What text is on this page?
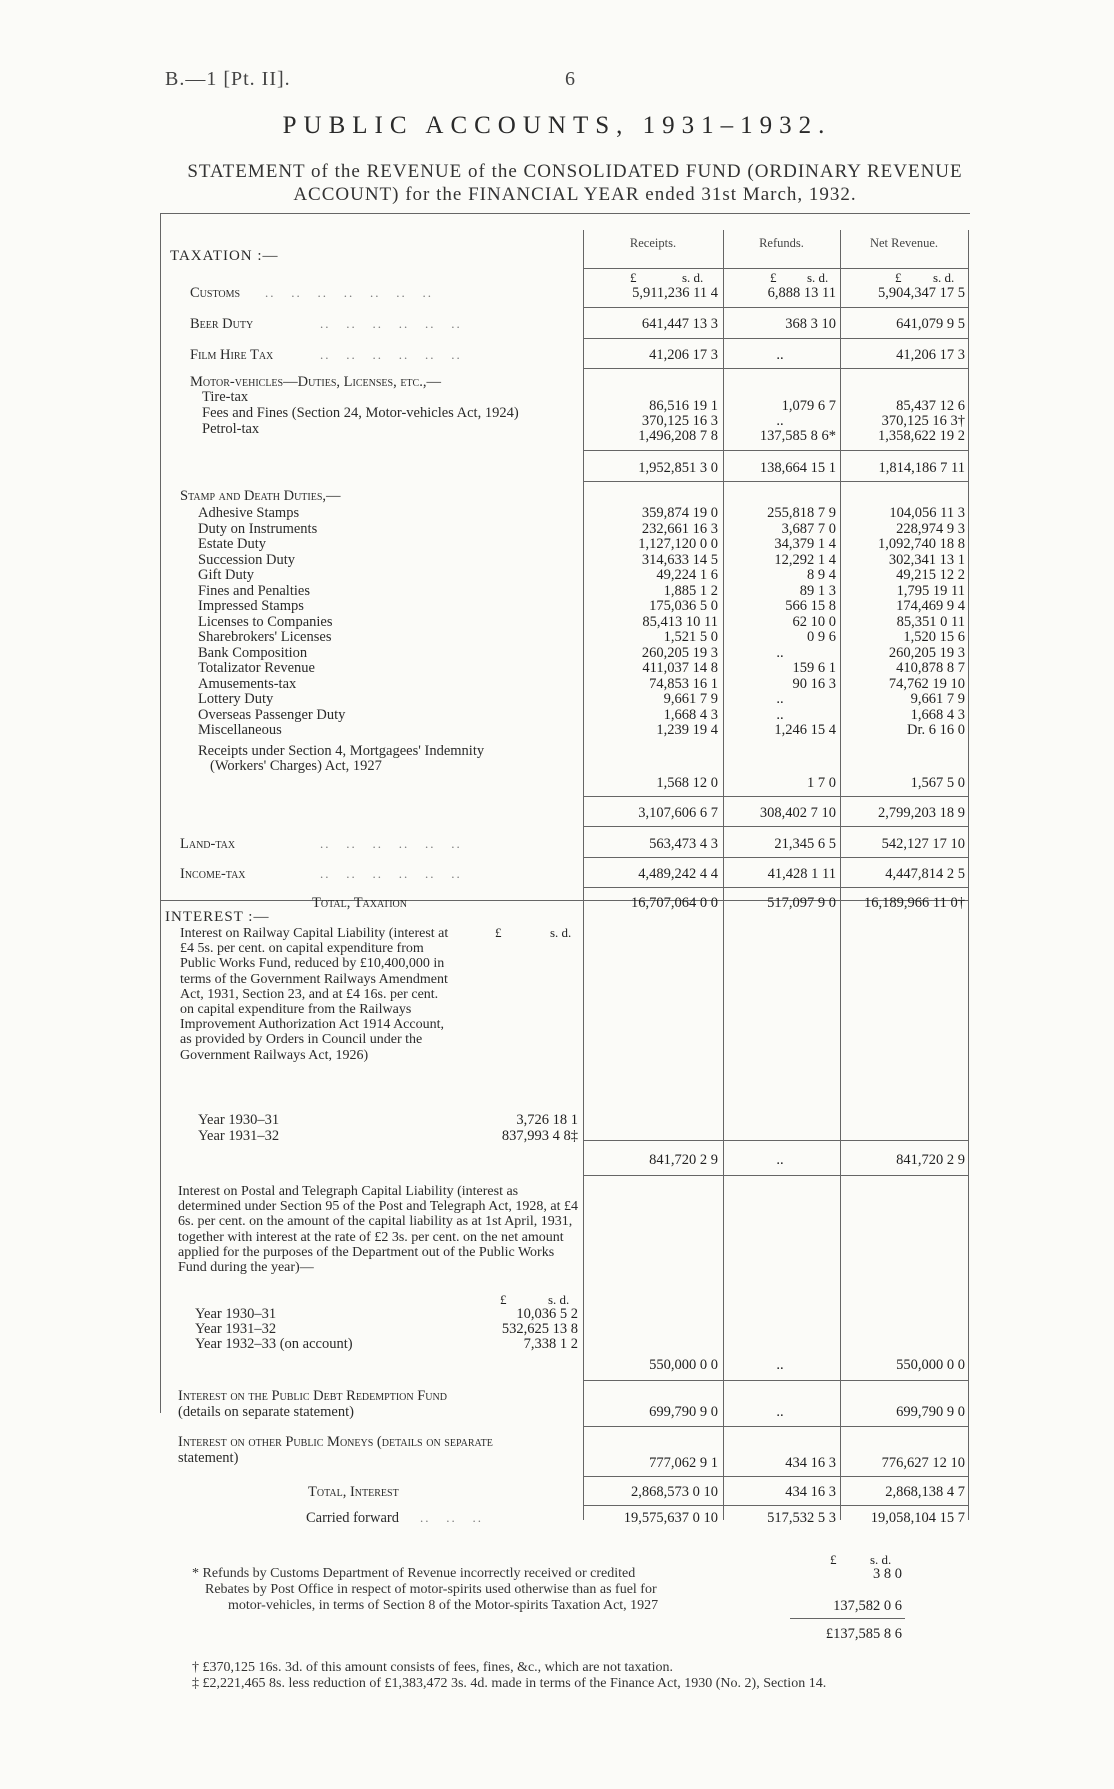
B.—1 [Pt. II].	6
PUBLIC ACCOUNTS, 1931–1932.
STATEMENT of the REVENUE of the CONSOLIDATED FUND (ORDINARY REVENUE ACCOUNT) for the FINANCIAL YEAR ended 31st March, 1932.
Receipts.	Refunds.	Net Revenue.
TAXATION :—
£	s. d.	£ s. d.	£ s. d.
Customs ..   ..   ..   ..   ..   ..   ..	5,911,236 11 4	6,888 13 11	5,904,347 17 5
Beer Duty	..   ..   ..   ..   ..   ..	641,447 13 3	368 3 10	641,079 9 5
Film Hire Tax	..   ..   ..   ..   ..   ..	41,206 17 3	..	41,206 17 3
Motor-vehicles—Duties, Licenses, etc.,—
Tire-tax
Fees and Fines (Section 24, Motor-vehicles Act, 1924)
Petrol-tax
86,516 19 1	1,079 6 7	85,437 12 6
370,125 16 3	..	370,125 16 3†
1,496,208 7 8	137,585 8 6*	1,358,622 19 2
1,952,851 3 0	138,664 15 1	1,814,186 7 11
Stamp and Death Duties,—
Adhesive Stamps	359,874 19 0	255,818 7 9	104,056 11 3
Duty on Instruments	232,661 16 3	3,687 7 0	228,974 9 3
Estate Duty	1,127,120 0 0	34,379 1 4	1,092,740 18 8
Succession Duty	314,633 14 5	12,292 1 4	302,341 13 1
Gift Duty	49,224 1 6	8 9 4	49,215 12 2
Fines and Penalties	1,885 1 2	89 1 3	1,795 19 11
Impressed Stamps	175,036 5 0	566 15 8	174,469 9 4
Licenses to Companies	85,413 10 11	62 10 0	85,351 0 11
Sharebrokers' Licenses	1,521 5 0	0 9 6	1,520 15 6
Bank Composition	260,205 19 3	..	260,205 19 3
Totalizator Revenue	411,037 14 8	159 6 1	410,878 8 7
Amusements-tax	74,853 16 1	90 16 3	74,762 19 10
Lottery Duty	9,661 7 9	..	9,661 7 9
Overseas Passenger Duty	1,668 4 3	..	1,668 4 3
Miscellaneous	1,239 19 4	1,246 15 4	Dr. 6 16 0
Receipts under Section 4, Mortgagees' Indemnity
(Workers' Charges) Act, 1927
1,568 12 0	1 7 0	1,567 5 0
3,107,606 6 7	308,402 7 10	2,799,203 18 9
Land-tax	..   ..   ..   ..   ..   ..	563,473 4 3	21,345 6 5	542,127 17 10
Income-tax	..   ..   ..   ..   ..   ..	4,489,242 4 4	41,428 1 11	4,447,814 2 5
Total, Taxation	16,707,064 0 0	517,097 9 0	16,189,966 11 0†
INTEREST :—
£	s. d.
Interest on Railway Capital Liability (interest at £4 5s. per cent. on capital expenditure from Public Works Fund, reduced by £10,400,000 in terms of the Government Railways Amendment Act, 1931, Section 23, and at £4 16s. per cent. on capital expenditure from the Railways Improvement Authorization Act 1914 Account, as provided by Orders in Council under the Government Railways Act, 1926)
Year 1930–31	3,726 18 1
Year 1931–32	837,993 4 8‡
841,720 2 9	..	841,720 2 9
Interest on Postal and Telegraph Capital Liability (interest as determined under Section 95 of the Post and Telegraph Act, 1928, at £4 6s. per cent. on the amount of the capital liability as at 1st April, 1931, together with interest at the rate of £2 3s. per cent. on the net amount applied for the purposes of the Department out of the Public Works Fund during the year)—
£	s. d.
Year 1930–31	10,036 5 2
Year 1931–32	532,625 13 8
Year 1932–33 (on account)	7,338 1 2
550,000 0 0	..	550,000 0 0
Interest on the Public Debt Redemption Fund
(details on separate statement)	699,790 9 0	..	699,790 9 0
Interest on other Public Moneys (details on separate
statement)	777,062 9 1	434 16 3	776,627 12 10
Total, Interest	2,868,573 0 10	434 16 3	2,868,138 4 7
Carried forward ..   ..   ..	19,575,637 0 10	517,532 5 3	19,058,104 15 7
£	s. d.
* Refunds by Customs Department of Revenue incorrectly received or credited	3 8 0
Rebates by Post Office in respect of motor-spirits used otherwise than as fuel for
motor-vehicles, in terms of Section 8 of the Motor-spirits Taxation Act, 1927	137,582 0 6
£137,585 8 6
† £370,125 16s. 3d. of this amount consists of fees, fines, &c., which are not taxation.
‡ £2,221,465 8s. less reduction of £1,383,472 3s. 4d. made in terms of the Finance Act, 1930 (No. 2), Section 14.
